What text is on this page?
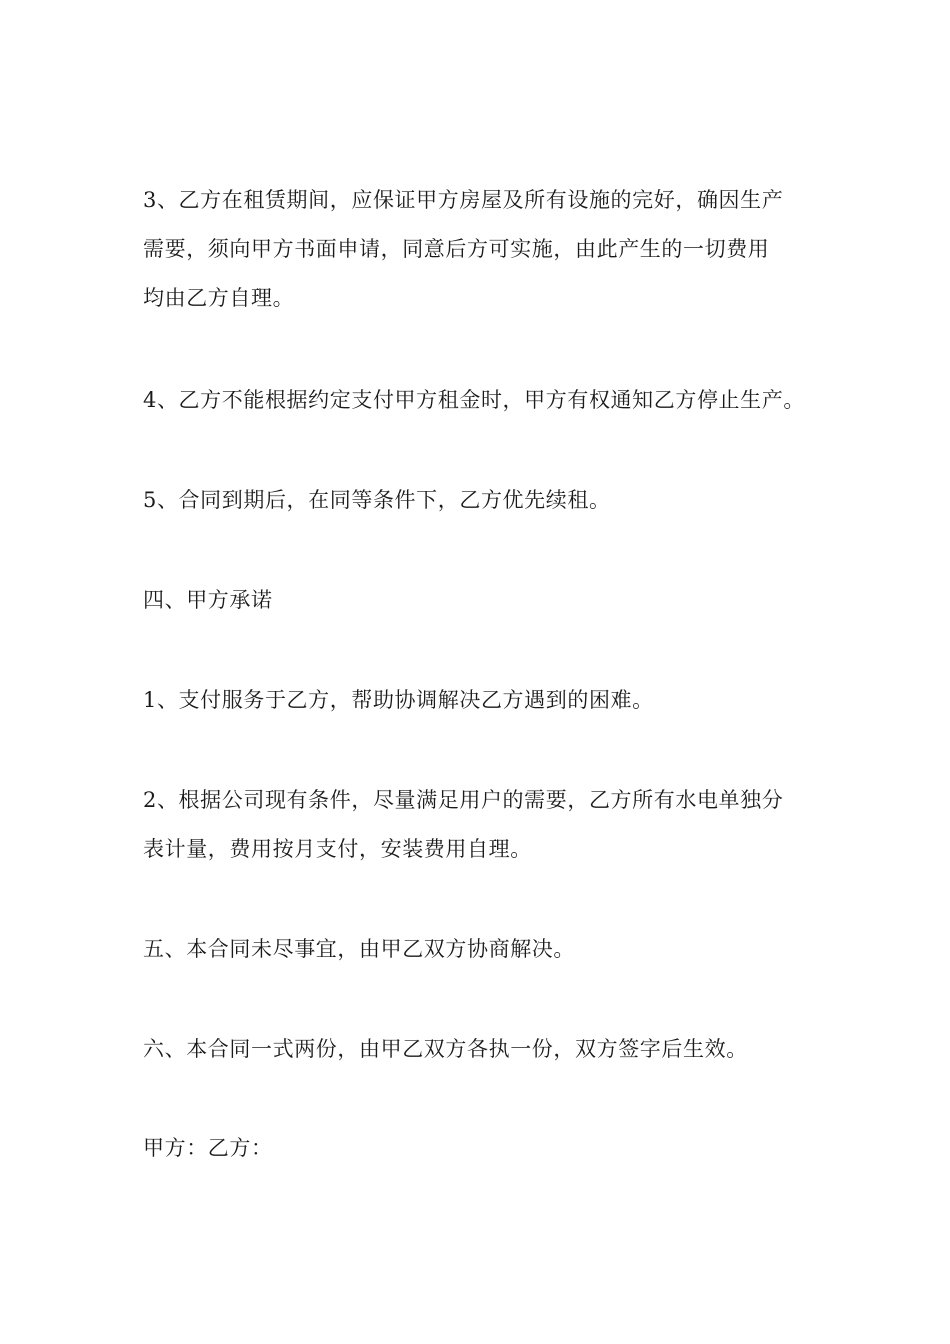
3、乙方在租赁期间，应保证甲方房屋及所有设施的完好，确因生产
需要，须向甲方书面申请，同意后方可实施，由此产生的一切费用
均由乙方自理。

4、乙方不能根据约定支付甲方租金时，甲方有权通知乙方停止生产。

5、合同到期后，在同等条件下，乙方优先续租。

四、甲方承诺

1、支付服务于乙方，帮助协调解决乙方遇到的困难。

2、根据公司现有条件，尽量满足用户的需要，乙方所有水电单独分
表计量，费用按月支付，安装费用自理。

五、本合同未尽事宜，由甲乙双方协商解决。

六、本合同一式两份，由甲乙双方各执一份，双方签字后生效。

甲方：乙方：
